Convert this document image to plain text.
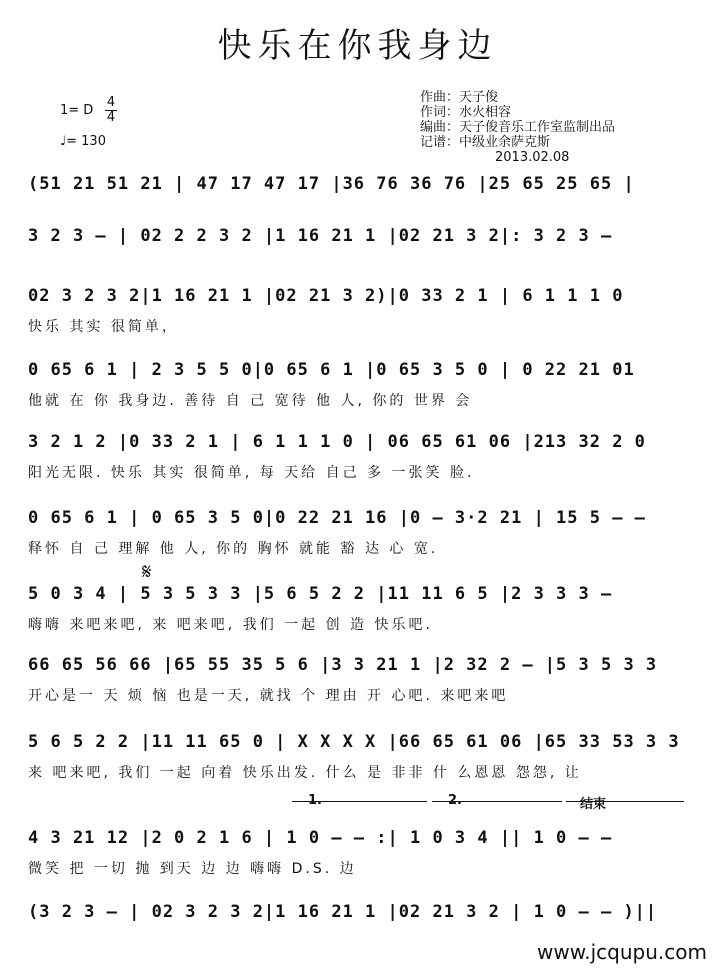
快乐在你我身边
1= D
4
4
♩= 130
作曲：天子俊
作词：水火相容
编曲：天子俊音乐工作室监制出品
记谱：中级业余萨克斯
2013.02.08
(51 21 51 21 | 47 17 47 17 |36 76 36 76 |25 65 25 65 |
3 2 3 – | 02 2 2 3 2 |1 16 21 1 |02 21 3 2|: 3 2 3 –
02 3 2 3 2|1 16 21 1 |02 21 3 2)|0 33 2 1 | 6 1 1 1 0
快乐 其实 很简单，
0 65 6 1 | 2 3 5 5 0|0 65 6 1 |0 65 3 5 0 | 0 22 21 01
他就 在 你 我身边. 善待 自 己 宽待 他 人, 你的 世界 会
3 2 1 2 |0 33 2 1 | 6 1 1 1 0 | 06 65 61 06 |213 32 2 0
阳光无限. 快乐 其实 很简单, 每 天给 自己 多 一张笑 脸.
0 65 6 1 | 0 65 3 5 0|0 22 21 16 |0 – 3·2 21 | 15 5 – –
释怀 自 己 理解 他 人, 你的 胸怀 就能 豁 达 心 宽.
5 0 3 4 | 5 3 5 3 3 |5 6 5 2 2 |11 11 6 5 |2 3 3 3 –
嗨嗨 来吧来吧, 来 吧来吧, 我们 一起 创 造 快乐吧.
66 65 56 66 |65 55 35 5 6 |3 3 21 1 |2 32 2 – |5 3 5 3 3
开心是一 天 烦 恼 也是一天, 就找 个 理由 开 心吧. 来吧来吧
5 6 5 2 2 |11 11 65 0 | X X X X |66 65 61 06 |65 33 53 3 3
来 吧来吧, 我们 一起 向着 快乐出发. 什么 是 非非 什 么恩恩 怨怨, 让
4 3 21 12 |2 0 2 1 6 | 1 0 – – :| 1 0 3 4 || 1 0 – –
微笑 把 一切 抛 到天 边 边 嗨嗨 D.S. 边
(3 2 3 – | 02 3 2 3 2|1 16 21 1 |02 21 3 2 | 1 0 – – )||
𝄋
1.	2.	结束
www.jcqupu.com
